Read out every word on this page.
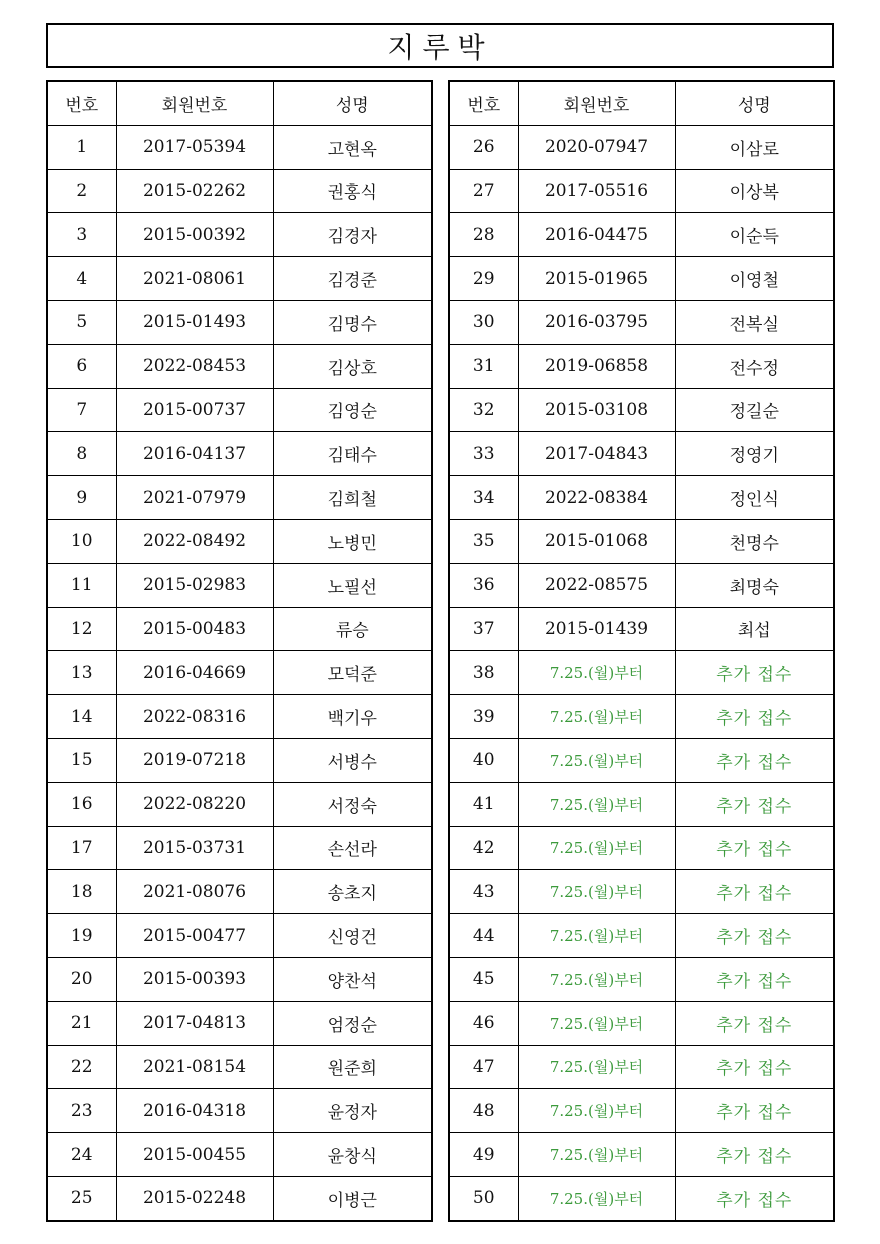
지루박
번호	회원번호	성명
1	2017-05394	고현옥
2	2015-02262	권홍식
3	2015-00392	김경자
4	2021-08061	김경준
5	2015-01493	김명수
6	2022-08453	김상호
7	2015-00737	김영순
8	2016-04137	김태수
9	2021-07979	김희철
10	2022-08492	노병민
11	2015-02983	노필선
12	2015-00483	류승
13	2016-04669	모덕준
14	2022-08316	백기우
15	2019-07218	서병수
16	2022-08220	서정숙
17	2015-03731	손선라
18	2021-08076	송초지
19	2015-00477	신영건
20	2015-00393	양찬석
21	2017-04813	엄정순
22	2021-08154	원준희
23	2016-04318	윤정자
24	2015-00455	윤창식
25	2015-02248	이병근
번호	회원번호	성명
26	2020-07947	이삼로
27	2017-05516	이상복
28	2016-04475	이순득
29	2015-01965	이영철
30	2016-03795	전복실
31	2019-06858	전수정
32	2015-03108	정길순
33	2017-04843	정영기
34	2022-08384	정인식
35	2015-01068	천명수
36	2022-08575	최명숙
37	2015-01439	최섭
38	7.25.(월)부터	추가 접수
39	7.25.(월)부터	추가 접수
40	7.25.(월)부터	추가 접수
41	7.25.(월)부터	추가 접수
42	7.25.(월)부터	추가 접수
43	7.25.(월)부터	추가 접수
44	7.25.(월)부터	추가 접수
45	7.25.(월)부터	추가 접수
46	7.25.(월)부터	추가 접수
47	7.25.(월)부터	추가 접수
48	7.25.(월)부터	추가 접수
49	7.25.(월)부터	추가 접수
50	7.25.(월)부터	추가 접수
